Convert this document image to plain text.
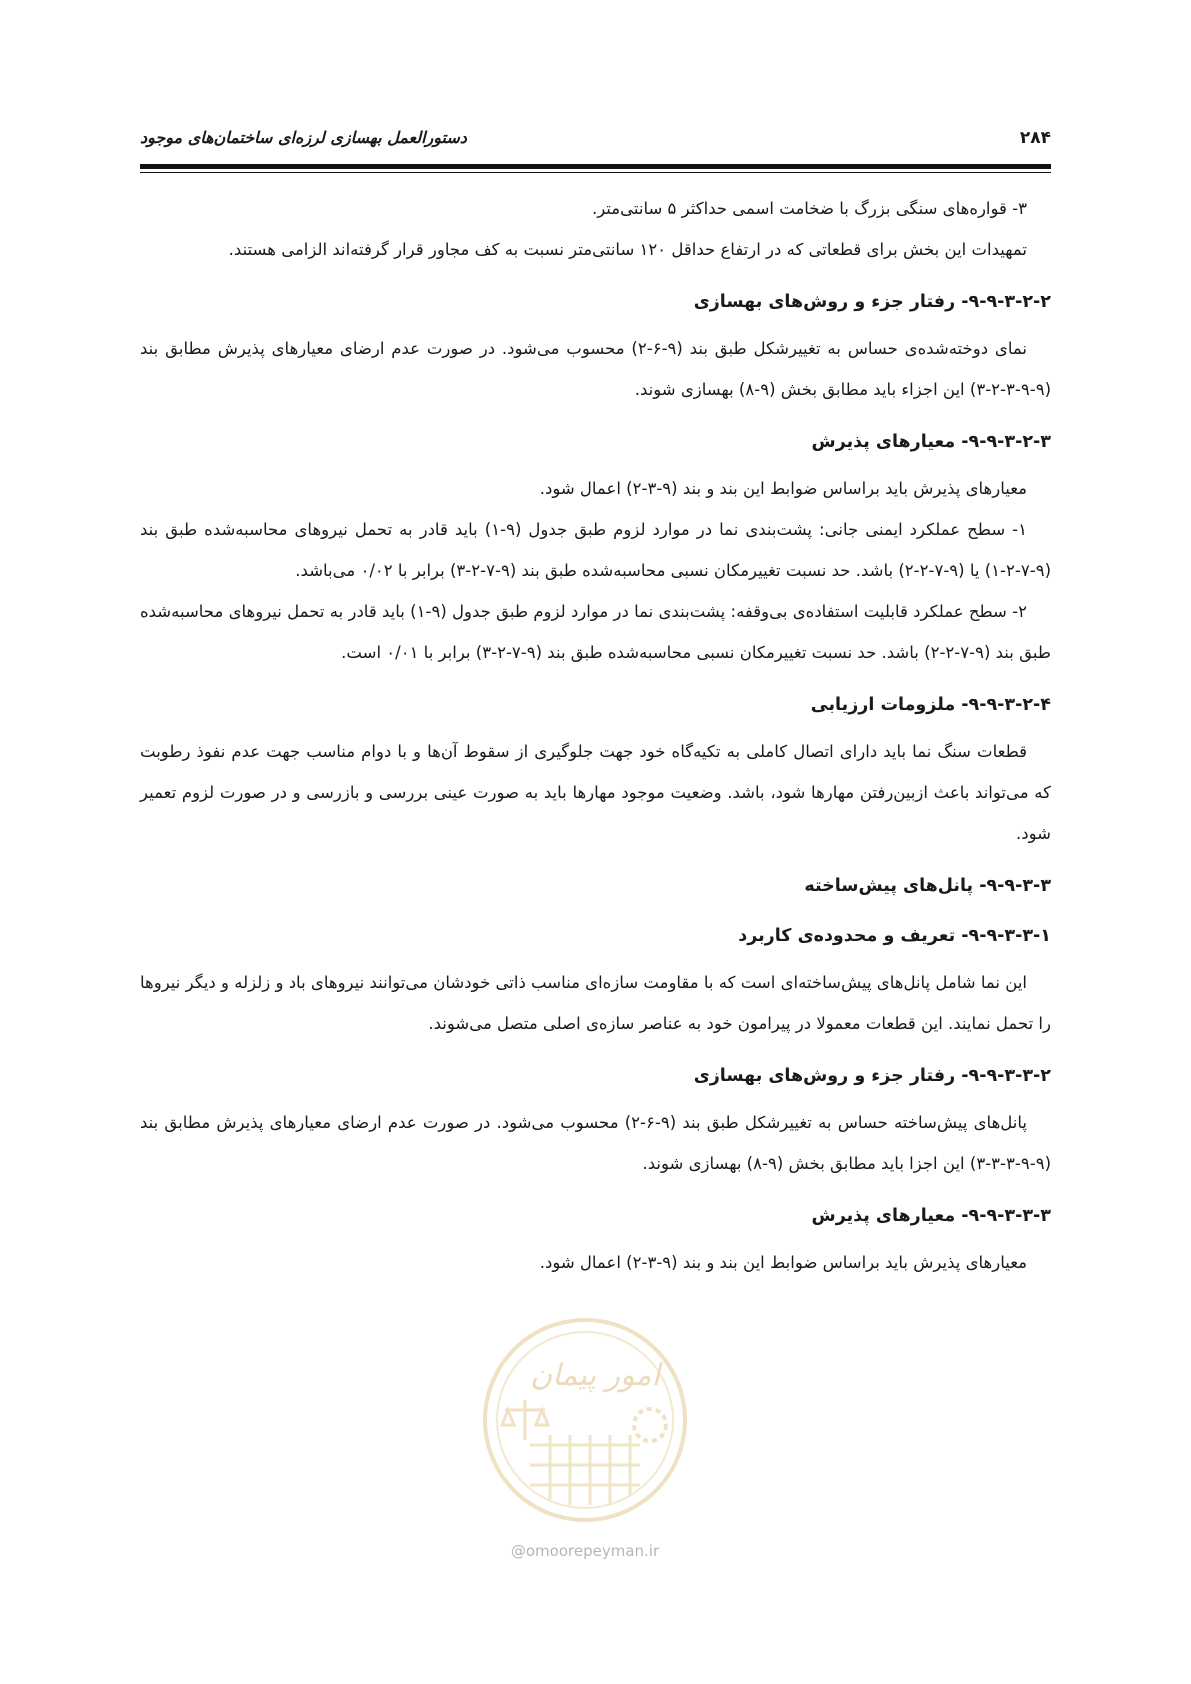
۲۸۴
دستورالعمل بهسازی لرزه‌ای ساختمان‌های موجود

۳- قواره‌های سنگی بزرگ با ضخامت اسمی حداکثر ۵ سانتی‌متر.

تمهیدات این بخش برای قطعاتی که در ارتفاع حداقل ۱۲۰ سانتی‌متر نسبت به کف مجاور قرار گرفته‌اند الزامی هستند.

۹-۹-۳-۲-۲- رفتار جزء و روش‌های بهسازی

نمای دوخته‌شده‌ی حساس به تغییرشکل طبق بند (۹-۶-۲) محسوب می‌شود. در صورت عدم ارضای معیارهای پذیرش مطابق بند (۹-۹-۳-۲-۳) این اجزاء باید مطابق بخش (۹-۸) بهسازی شوند.

۹-۹-۳-۲-۳- معیارهای پذیرش

معیارهای پذیرش باید براساس ضوابط این بند و بند (۹-۳-۲) اعمال شود.

۱- سطح عملکرد ایمنی جانی: پشت‌بندی نما در موارد لزوم طبق جدول (۹-۱) باید قادر به تحمل نیروهای محاسبه‌شده طبق بند (۹-۷-۲-۱) یا (۹-۷-۲-۲) باشد. حد نسبت تغییرمکان نسبی محاسبه‌شده طبق بند (۹-۷-۲-۳) برابر با ۰/۰۲ می‌باشد.

۲- سطح عملکرد قابلیت استفاده‌ی بی‌وقفه: پشت‌بندی نما در موارد لزوم طبق جدول (۹-۱) باید قادر به تحمل نیروهای محاسبه‌شده طبق بند (۹-۷-۲-۲) باشد. حد نسبت تغییرمکان نسبی محاسبه‌شده طبق بند (۹-۷-۲-۳) برابر با ۰/۰۱ است.

۹-۹-۳-۲-۴- ملزومات ارزیابی

قطعات سنگ نما باید دارای اتصال کاملی به تکیه‌گاه خود جهت جلوگیری از سقوط آن‌ها و با دوام مناسب جهت عدم نفوذ رطوبت که می‌تواند باعث ازبین‌رفتن مهارها شود، باشد. وضعیت موجود مهارها باید به صورت عینی بررسی و بازرسی و در صورت لزوم تعمیر شود.

۹-۹-۳-۳- پانل‌های پیش‌ساخته
۹-۹-۳-۳-۱- تعریف و محدوده‌ی کاربرد

این نما شامل پانل‌های پیش‌ساخته‌ای است که با مقاومت سازه‌ای مناسب ذاتی خودشان می‌توانند نیروهای باد و زلزله و دیگر نیروها را تحمل نمایند. این قطعات معمولا در پیرامون خود به عناصر سازه‌ی اصلی متصل می‌شوند.

۹-۹-۳-۳-۲- رفتار جزء و روش‌های بهسازی

پانل‌های پیش‌ساخته حساس به تغییرشکل طبق بند (۹-۶-۲) محسوب می‌شود. در صورت عدم ارضای معیارهای پذیرش مطابق بند (۹-۹-۳-۳-۳) این اجزا باید مطابق بخش (۹-۸) بهسازی شوند.

۹-۹-۳-۳-۳- معیارهای پذیرش

معیارهای پذیرش باید براساس ضوابط این بند و بند (۹-۳-۲) اعمال شود.

امور پیمان
@omoorepeyman.ir
